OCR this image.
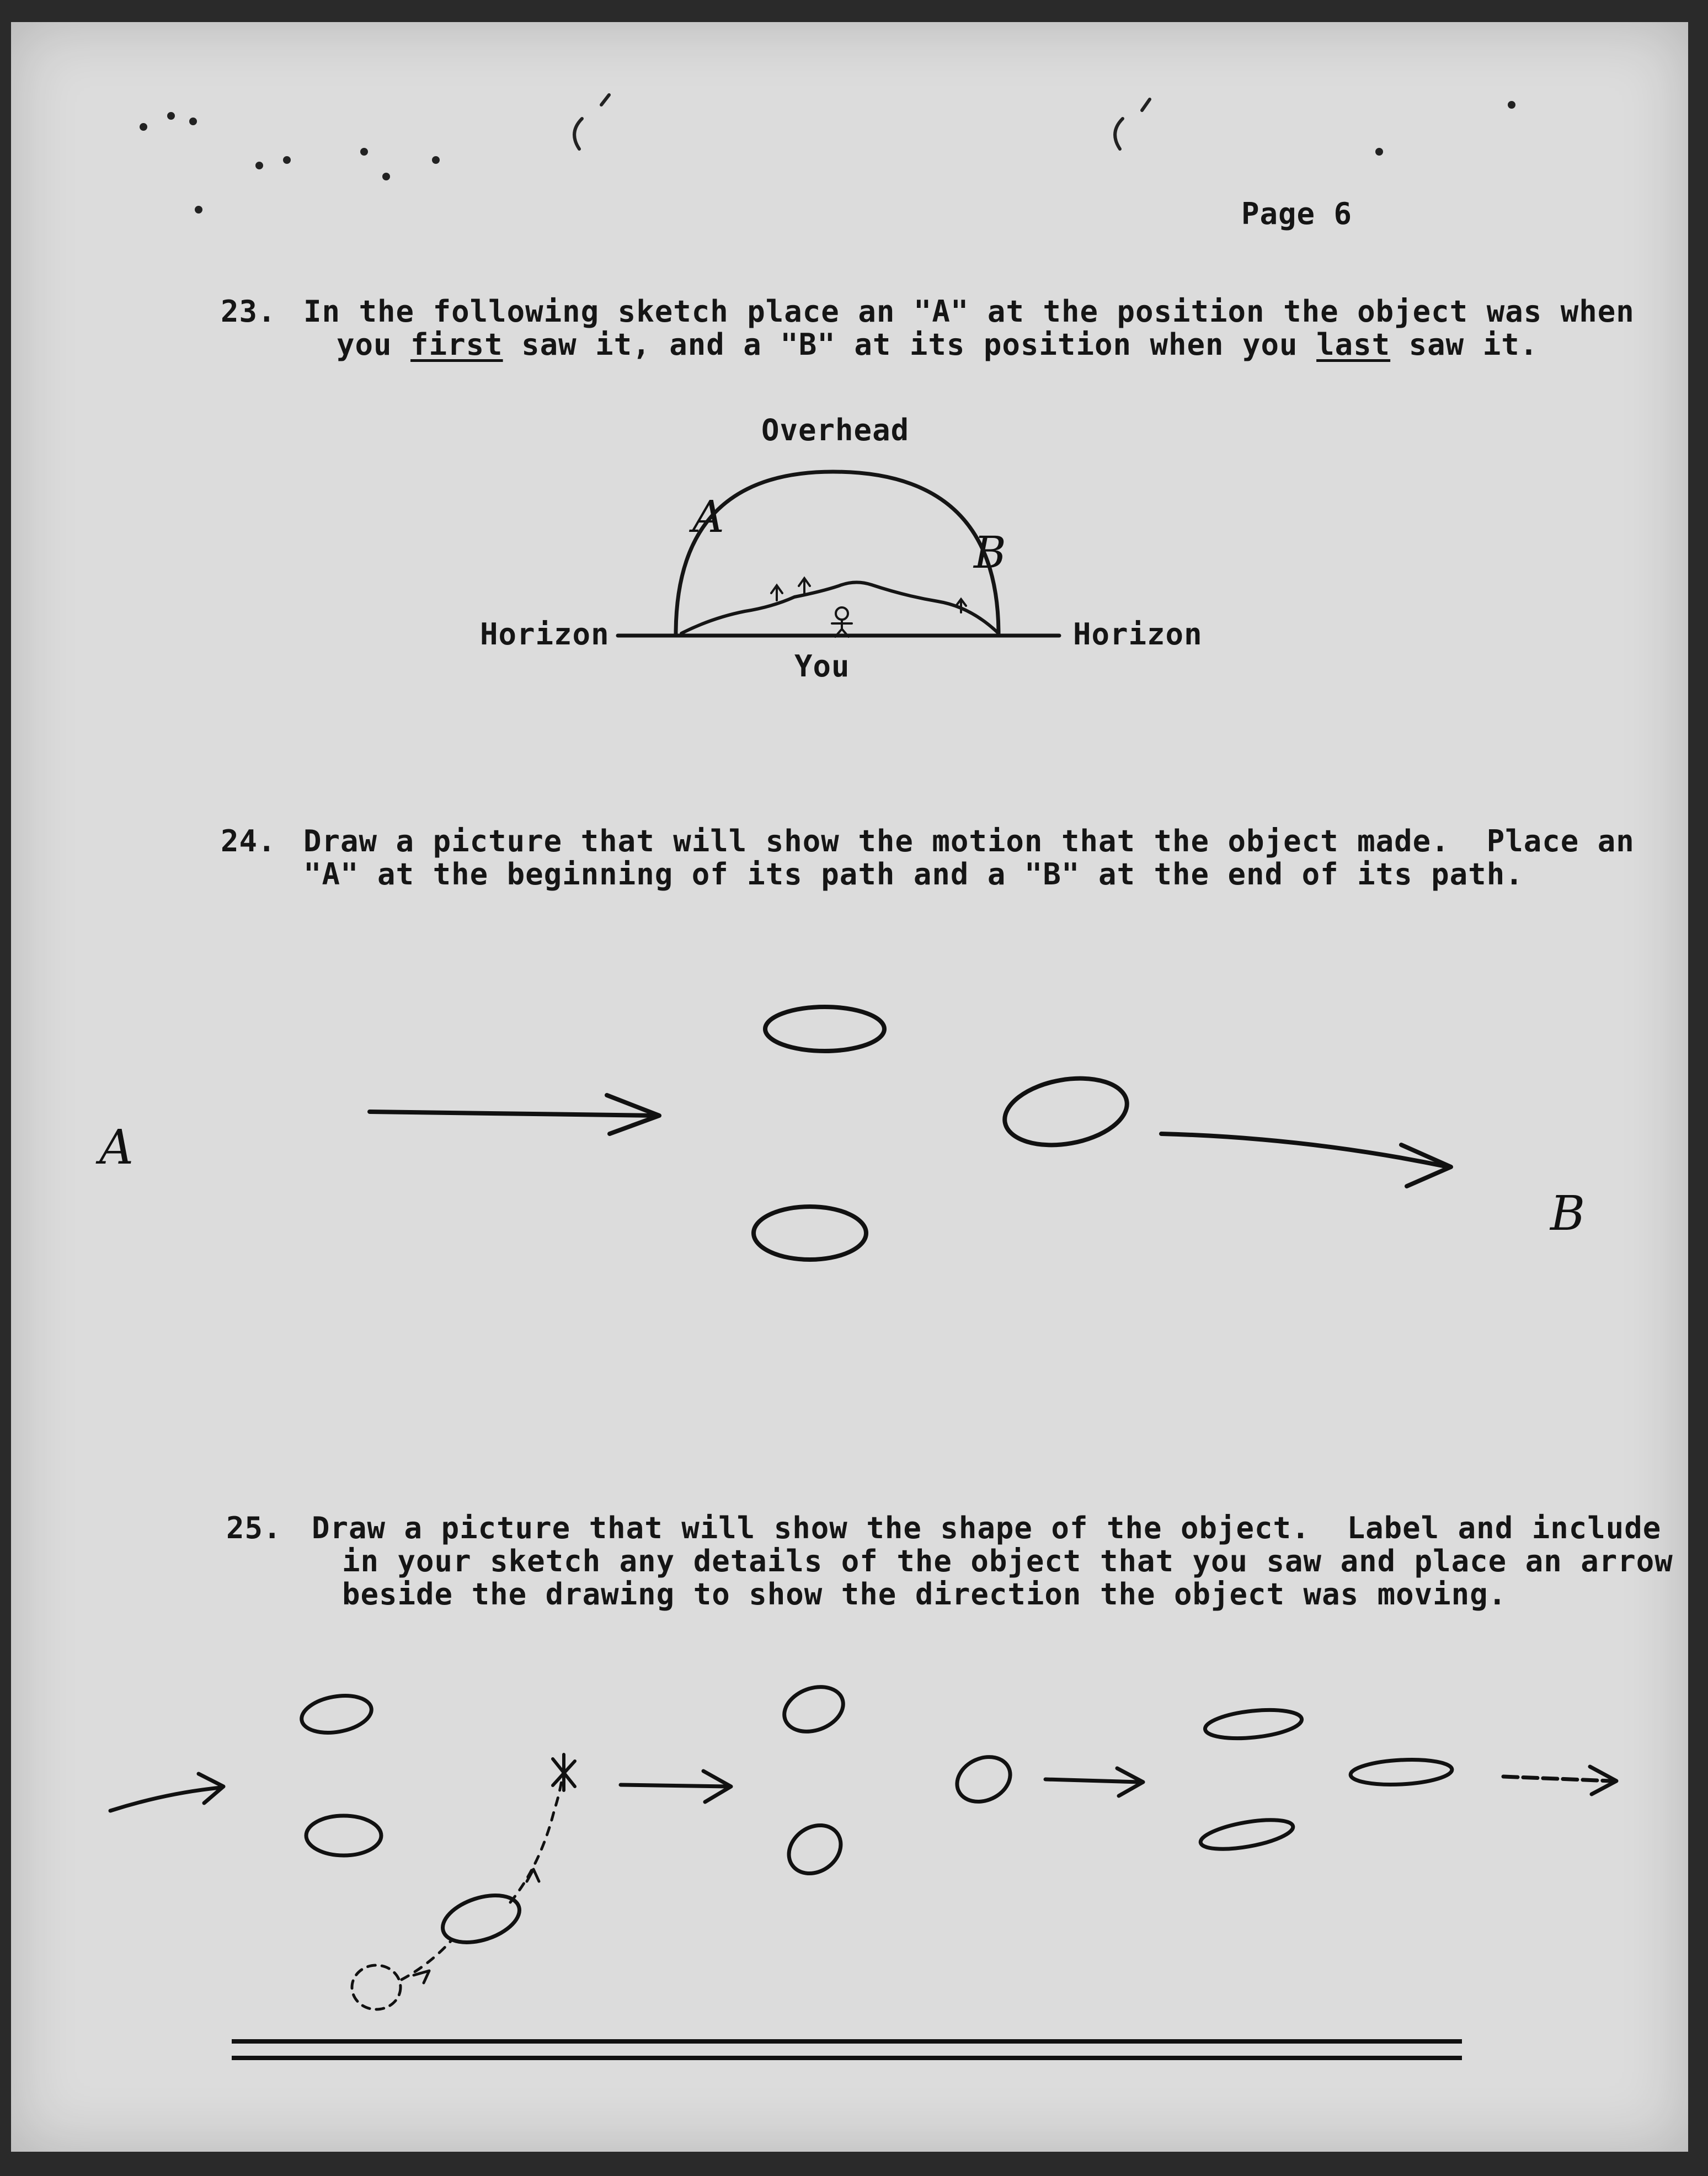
Page 6
23. In the following sketch place an "A" at the position the object was when
you first saw it, and a "B" at its position when you last saw it.
Overhead
Horizon	Horizon
You
A
B
24. Draw a picture that will show the motion that the object made.  Place an
"A" at the beginning of its path and a "B" at the end of its path.
A
B
25. Draw a picture that will show the shape of the object.  Label and include
in your sketch any details of the object that you saw and place an arrow
beside the drawing to show the direction the object was moving.
